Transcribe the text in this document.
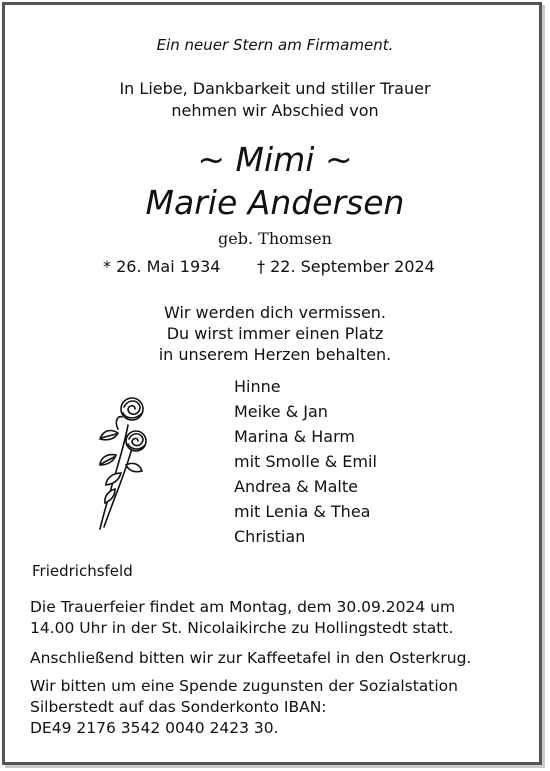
Ein neuer Stern am Firmament.
In Liebe, Dankbarkeit und stiller Trauer
nehmen wir Abschied von
~ Mimi ~
Marie Andersen
geb. Thomsen
* 26. Mai 1934 † 22. September 2024
Wir werden dich vermissen.
Du wirst immer einen Platz
in unserem Herzen behalten.
Hinne
Meike & Jan
Marina & Harm
mit Smolle & Emil
Andrea & Malte
mit Lenia & Thea
Christian
Friedrichsfeld
Die Trauerfeier findet am Montag, dem 30.09.2024 um
14.00 Uhr in der St. Nicolaikirche zu Hollingstedt statt.
Anschließend bitten wir zur Kaffeetafel in den Osterkrug.
Wir bitten um eine Spende zugunsten der Sozialstation
Silberstedt auf das Sonderkonto IBAN:
DE49 2176 3542 0040 2423 30.
